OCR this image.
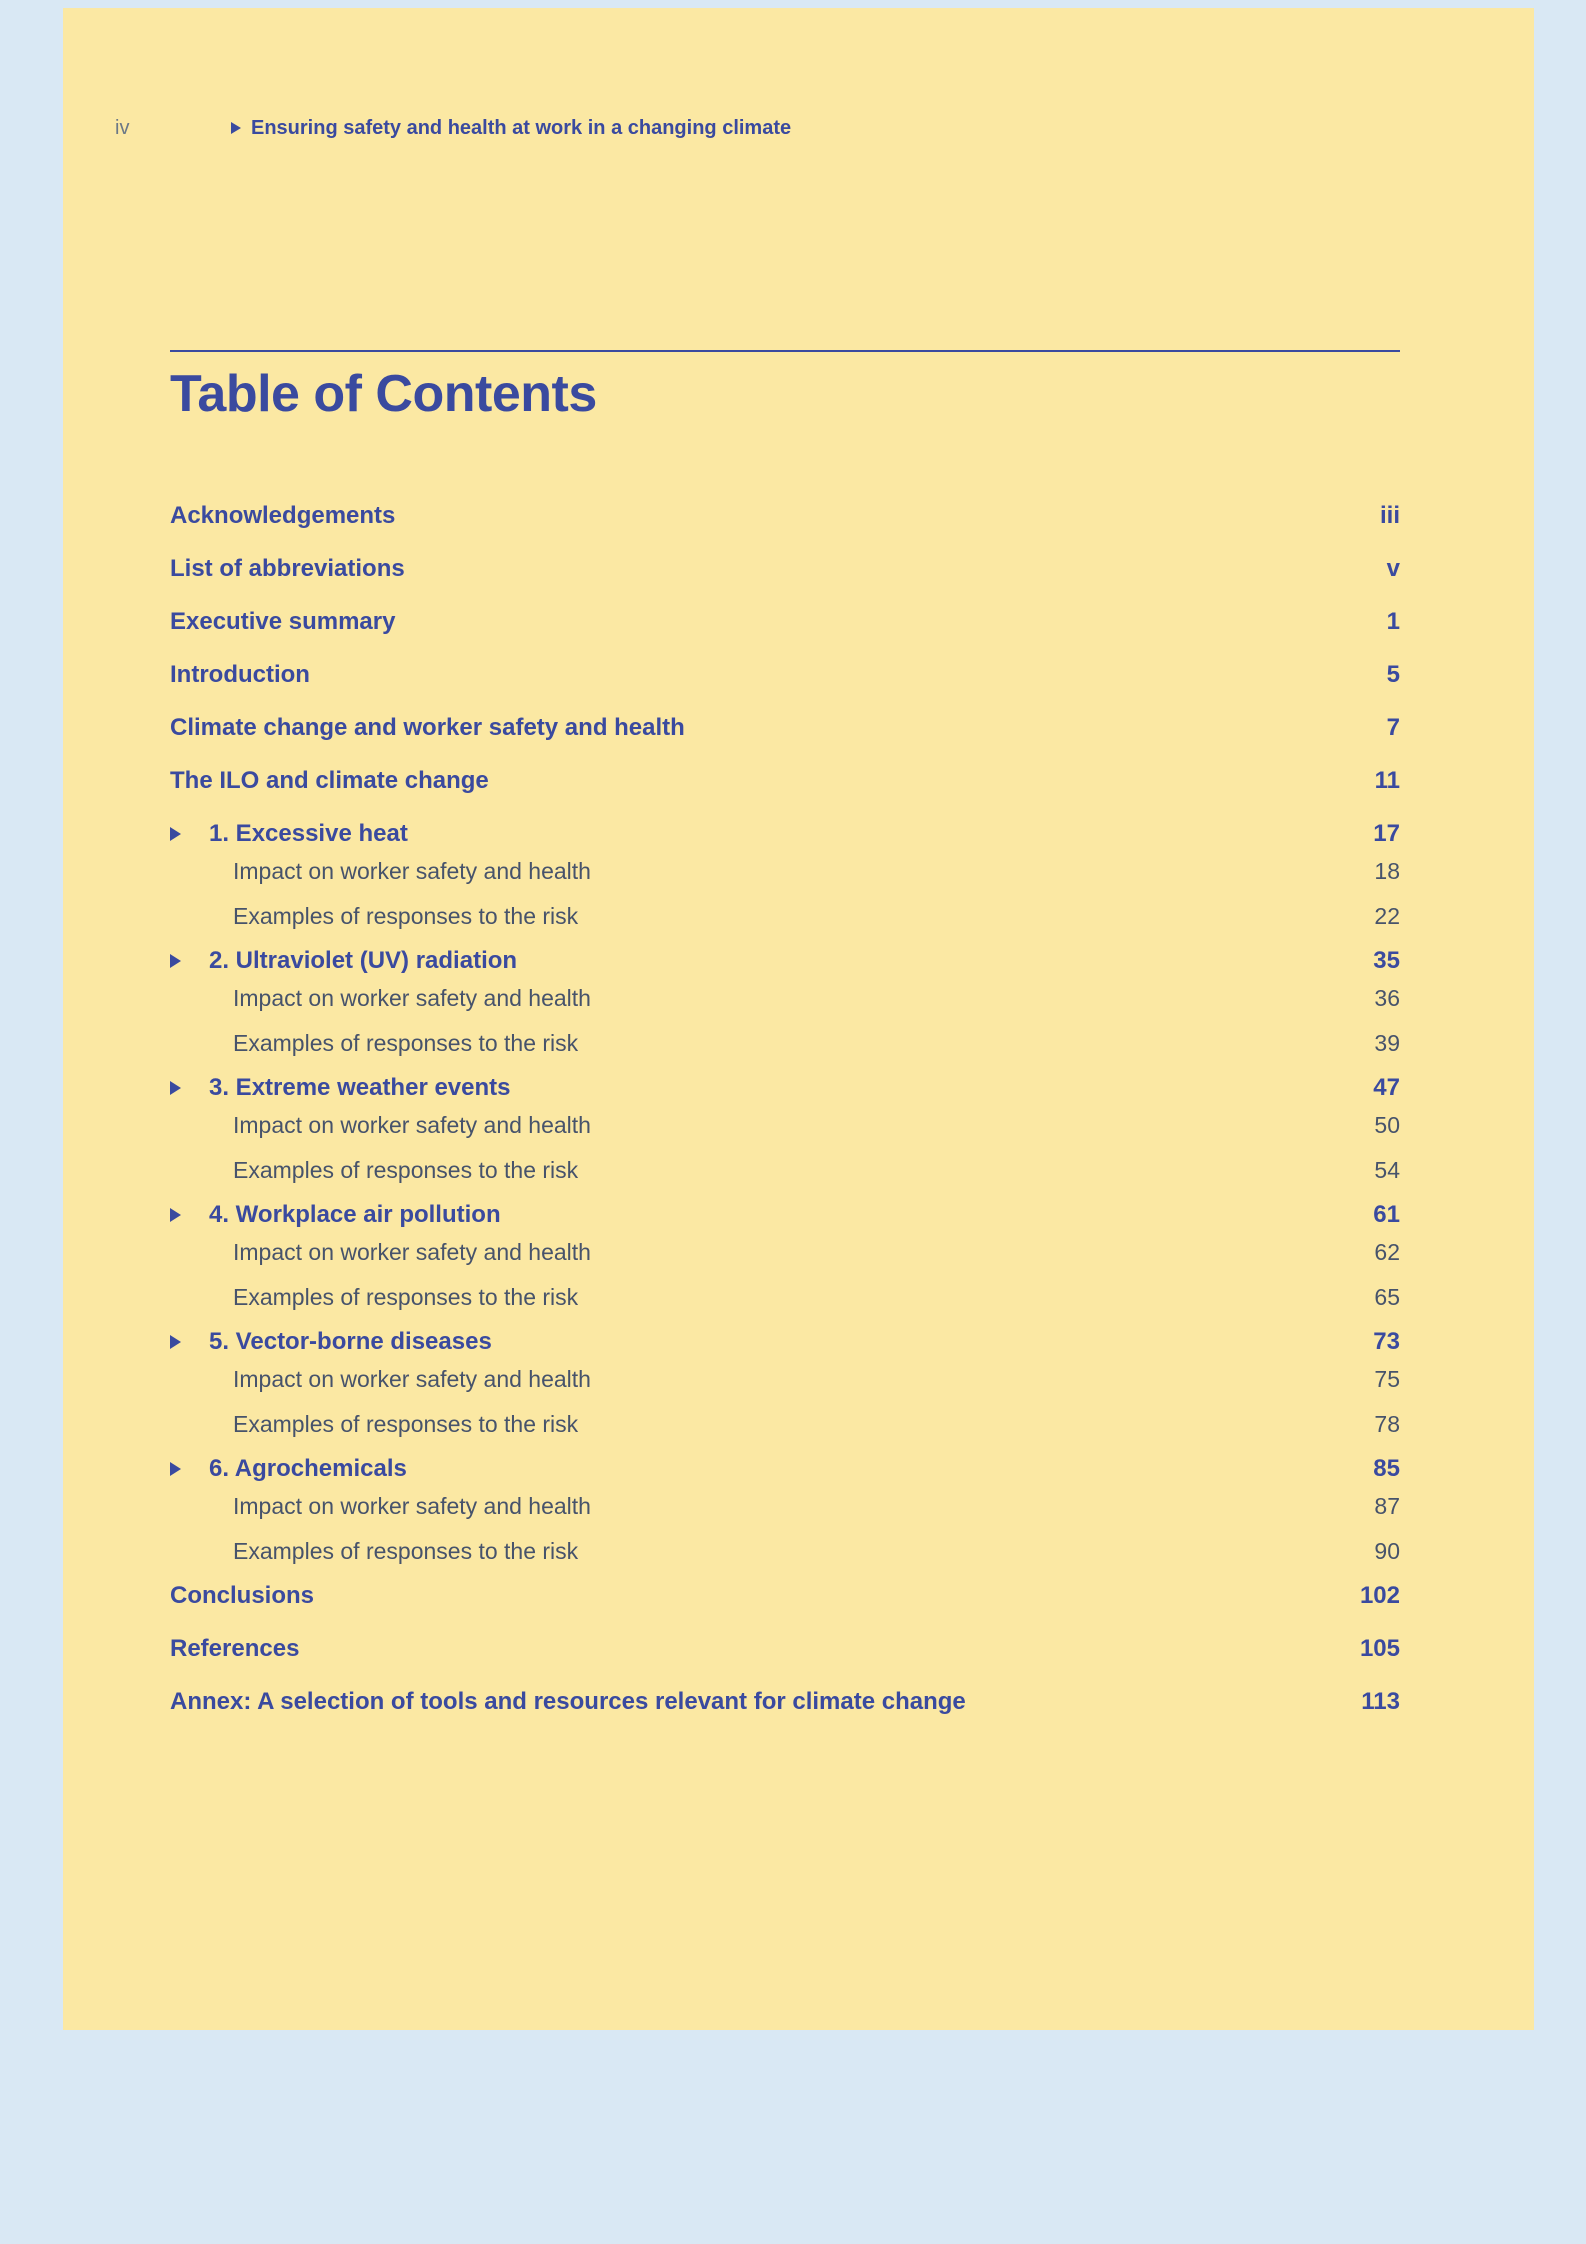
iv	Ensuring safety and health at work in a changing climate
Table of Contents
Acknowledgements	iii
List of abbreviations	v
Executive summary	1
Introduction	5
Climate change and worker safety and health	7
The ILO and climate change	11
1. Excessive heat	17
Impact on worker safety and health	18
Examples of responses to the risk	22
2. Ultraviolet (UV) radiation	35
Impact on worker safety and health	36
Examples of responses to the risk	39
3. Extreme weather events	47
Impact on worker safety and health	50
Examples of responses to the risk	54
4. Workplace air pollution	61
Impact on worker safety and health	62
Examples of responses to the risk	65
5. Vector-borne diseases	73
Impact on worker safety and health	75
Examples of responses to the risk	78
6. Agrochemicals	85
Impact on worker safety and health	87
Examples of responses to the risk	90
Conclusions	102
References	105
Annex: A selection of tools and resources relevant for climate change	113
